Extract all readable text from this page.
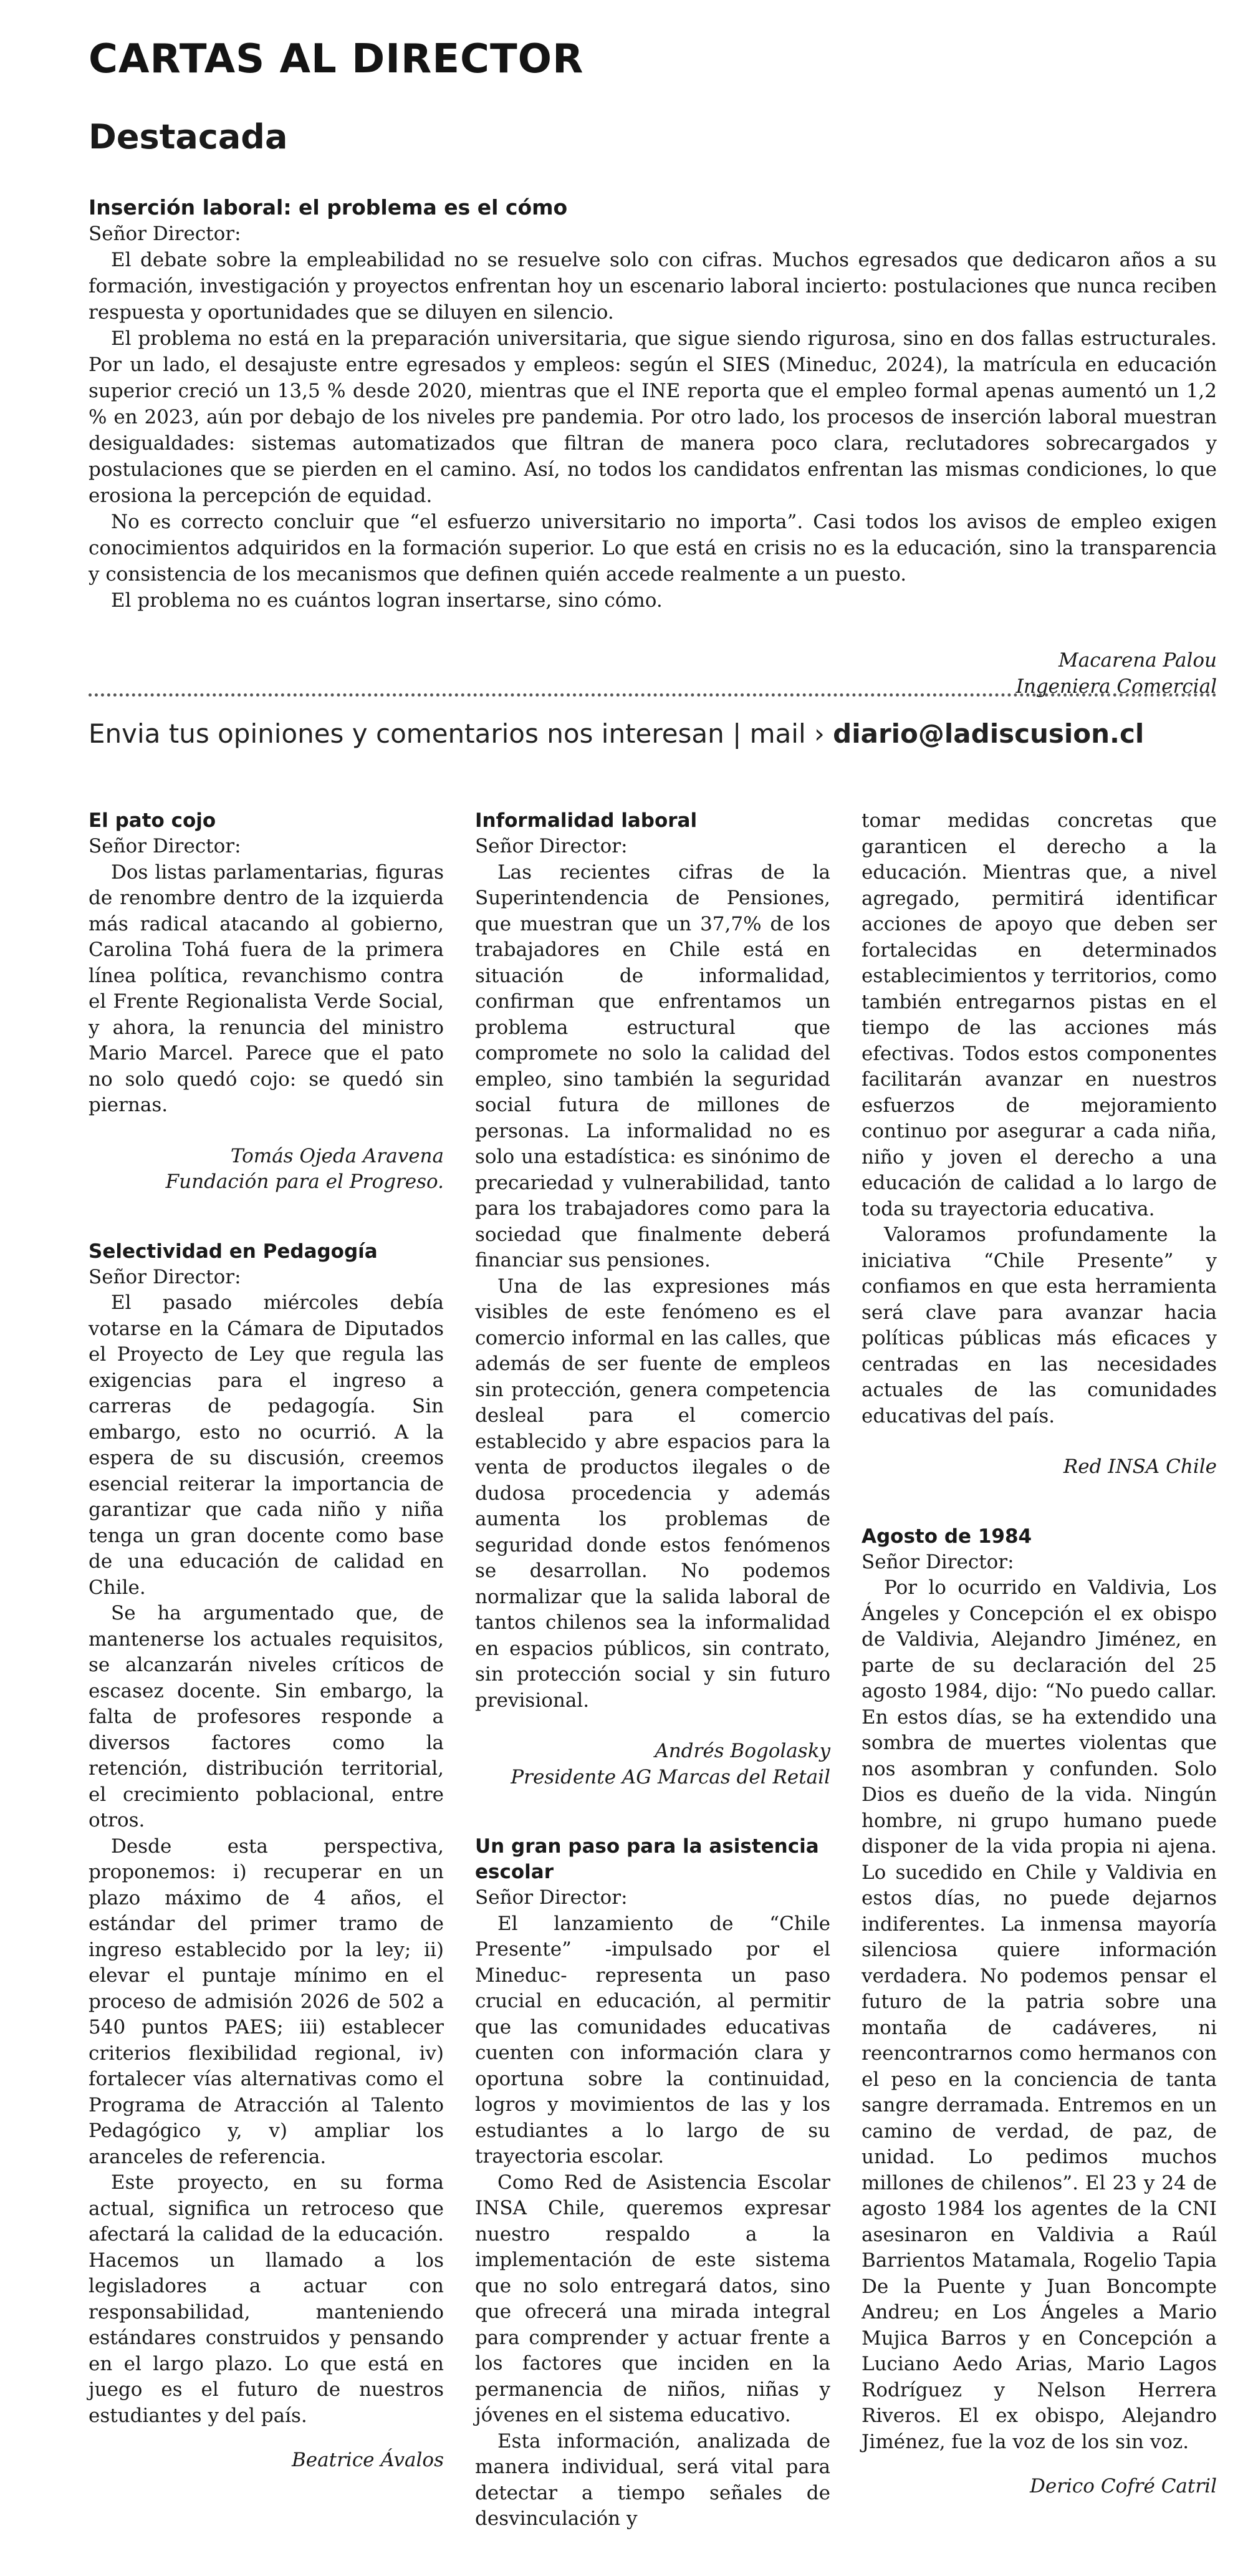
CARTAS AL DIRECTOR
Destacada
Inserción laboral: el problema es el cómo

Señor Director:

El debate sobre la empleabilidad no se resuelve solo con cifras. Muchos egresados que dedicaron años a su formación, investigación y proyectos enfrentan hoy un escenario laboral incierto: postulaciones que nunca reciben respuesta y oportunidades que se diluyen en silencio.

El problema no está en la preparación universitaria, que sigue siendo rigurosa, sino en dos fallas estructurales. Por un lado, el desajuste entre egresados y empleos: según el SIES (Mineduc, 2024), la matrícula en educación superior creció un 13,5 % desde 2020, mientras que el INE reporta que el empleo formal apenas aumentó un 1,2 % en 2023, aún por debajo de los niveles pre pandemia. Por otro lado, los procesos de inserción laboral muestran desigualdades: sistemas automatizados que filtran de manera poco clara, reclutadores sobrecargados y postulaciones que se pierden en el camino. Así, no todos los candidatos enfrentan las mismas condiciones, lo que erosiona la percepción de equidad.

No es correcto concluir que “el esfuerzo universitario no importa”. Casi todos los avisos de empleo exigen conocimientos adquiridos en la formación superior. Lo que está en crisis no es la educación, sino la transparencia y consistencia de los mecanismos que definen quién accede realmente a un puesto.

El problema no es cuántos logran insertarse, sino cómo.

Macarena Palou

Ingeniera Comercial

Envia tus opiniones y comentarios nos interesan | mail › diario@ladiscusion.cl
El pato cojo

Señor Director:

Dos listas parlamentarias, figuras de renombre dentro de la izquierda más radical atacando al gobierno, Carolina Tohá fuera de la primera línea política, revanchismo contra el Frente Regionalista Verde Social, y ahora, la renuncia del ministro Mario Marcel. Parece que el pato no solo quedó cojo: se quedó sin piernas.

Tomás Ojeda Aravena

Fundación para el Progreso.

Selectividad en Pedagogía

Señor Director:

El pasado miércoles debía votarse en la Cámara de Diputados el Proyecto de Ley que regula las exigencias para el ingreso a carreras de pedagogía. Sin embargo, esto no ocurrió. A la espera de su discusión, creemos esencial reiterar la importancia de garantizar que cada niño y niña tenga un gran docente como base de una educación de calidad en Chile.

Se ha argumentado que, de mantenerse los actuales requisitos, se alcanzarán niveles críticos de escasez docente. Sin embargo, la falta de profesores responde a diversos factores como la retención, distribución territorial, el crecimiento poblacional, entre otros.

Desde esta perspectiva, proponemos: i) recuperar en un plazo máximo de 4 años, el estándar del primer tramo de ingreso establecido por la ley; ii) elevar el puntaje mínimo en el proceso de admisión 2026 de 502 a 540 puntos PAES; iii) establecer criterios flexibilidad regional, iv) fortalecer vías alternativas como el Programa de Atracción al Talento Pedagógico y, v) ampliar los aranceles de referencia.

Este proyecto, en su forma actual, significa un retroceso que afectará la calidad de la educación. Hacemos un llamado a los legisladores a actuar con responsabilidad, manteniendo estándares construidos y pensando en el largo plazo. Lo que está en juego es el futuro de nuestros estudiantes y del país.

Beatrice Ávalos

Informalidad laboral

Señor Director:

Las recientes cifras de la Superintendencia de Pensiones, que muestran que un 37,7% de los trabajadores en Chile está en situación de informalidad, confirman que enfrentamos un problema estructural que compromete no solo la calidad del empleo, sino también la seguridad social futura de millones de personas. La informalidad no es solo una estadística: es sinónimo de precariedad y vulnerabilidad, tanto para los trabajadores como para la sociedad que finalmente deberá financiar sus pensiones.

Una de las expresiones más visibles de este fenómeno es el comercio informal en las calles, que además de ser fuente de empleos sin protección, genera competencia desleal para el comercio establecido y abre espacios para la venta de productos ilegales o de dudosa procedencia y además aumenta los problemas de seguridad donde estos fenómenos se desarrollan. No podemos normalizar que la salida laboral de tantos chilenos sea la informalidad en espacios públicos, sin contrato, sin protección social y sin futuro previsional.

Andrés Bogolasky

Presidente AG Marcas del Retail

Un gran paso para la asistencia escolar

Señor Director:

El lanzamiento de “Chile Presente” -impulsado por el Mineduc- representa un paso crucial en educación, al permitir que las comunidades educativas cuenten con información clara y oportuna sobre la continuidad, logros y movimientos de las y los estudiantes a lo largo de su trayectoria escolar.

Como Red de Asistencia Escolar INSA Chile, queremos expresar nuestro respaldo a la implementación de este sistema que no solo entregará datos, sino que ofrecerá una mirada integral para comprender y actuar frente a los factores que inciden en la permanencia de niños, niñas y jóvenes en el sistema educativo.

Esta información, analizada de manera individual, será vital para detectar a tiempo señales de desvinculación y

tomar medidas concretas que garanticen el derecho a la educación. Mientras que, a nivel agregado, permitirá identificar acciones de apoyo que deben ser fortalecidas en determinados establecimientos y territorios, como también entregarnos pistas en el tiempo de las acciones más efectivas. Todos estos componentes facilitarán avanzar en nuestros esfuerzos de mejoramiento continuo por asegurar a cada niña, niño y joven el derecho a una educación de calidad a lo largo de toda su trayectoria educativa.

Valoramos profundamente la iniciativa “Chile Presente” y confiamos en que esta herramienta será clave para avanzar hacia políticas públicas más eficaces y centradas en las necesidades actuales de las comunidades educativas del país.

Red INSA Chile

Agosto de 1984

Señor Director:

Por lo ocurrido en Valdivia, Los Ángeles y Concepción el ex obispo de Valdivia, Alejandro Jiménez, en parte de su declaración del 25 agosto 1984, dijo: “No puedo callar. En estos días, se ha extendido una sombra de muertes violentas que nos asombran y confunden. Solo Dios es dueño de la vida. Ningún hombre, ni grupo humano puede disponer de la vida propia ni ajena. Lo sucedido en Chile y Valdivia en estos días, no puede dejarnos indiferentes. La inmensa mayoría silenciosa quiere información verdadera. No podemos pensar el futuro de la patria sobre una montaña de cadáveres, ni reencontrarnos como hermanos con el peso en la conciencia de tanta sangre derramada. Entremos en un camino de verdad, de paz, de unidad. Lo pedimos muchos millones de chilenos”. El 23 y 24 de agosto 1984 los agentes de la CNI asesinaron en Valdivia a Raúl Barrientos Matamala, Rogelio Tapia De la Puente y Juan Boncompte Andreu; en Los Ángeles a Mario Mujica Barros y en Concepción a Luciano Aedo Arias, Mario Lagos Rodríguez y Nelson Herrera Riveros. El ex obispo, Alejandro Jiménez, fue la voz de los sin voz.

Derico Cofré Catril
